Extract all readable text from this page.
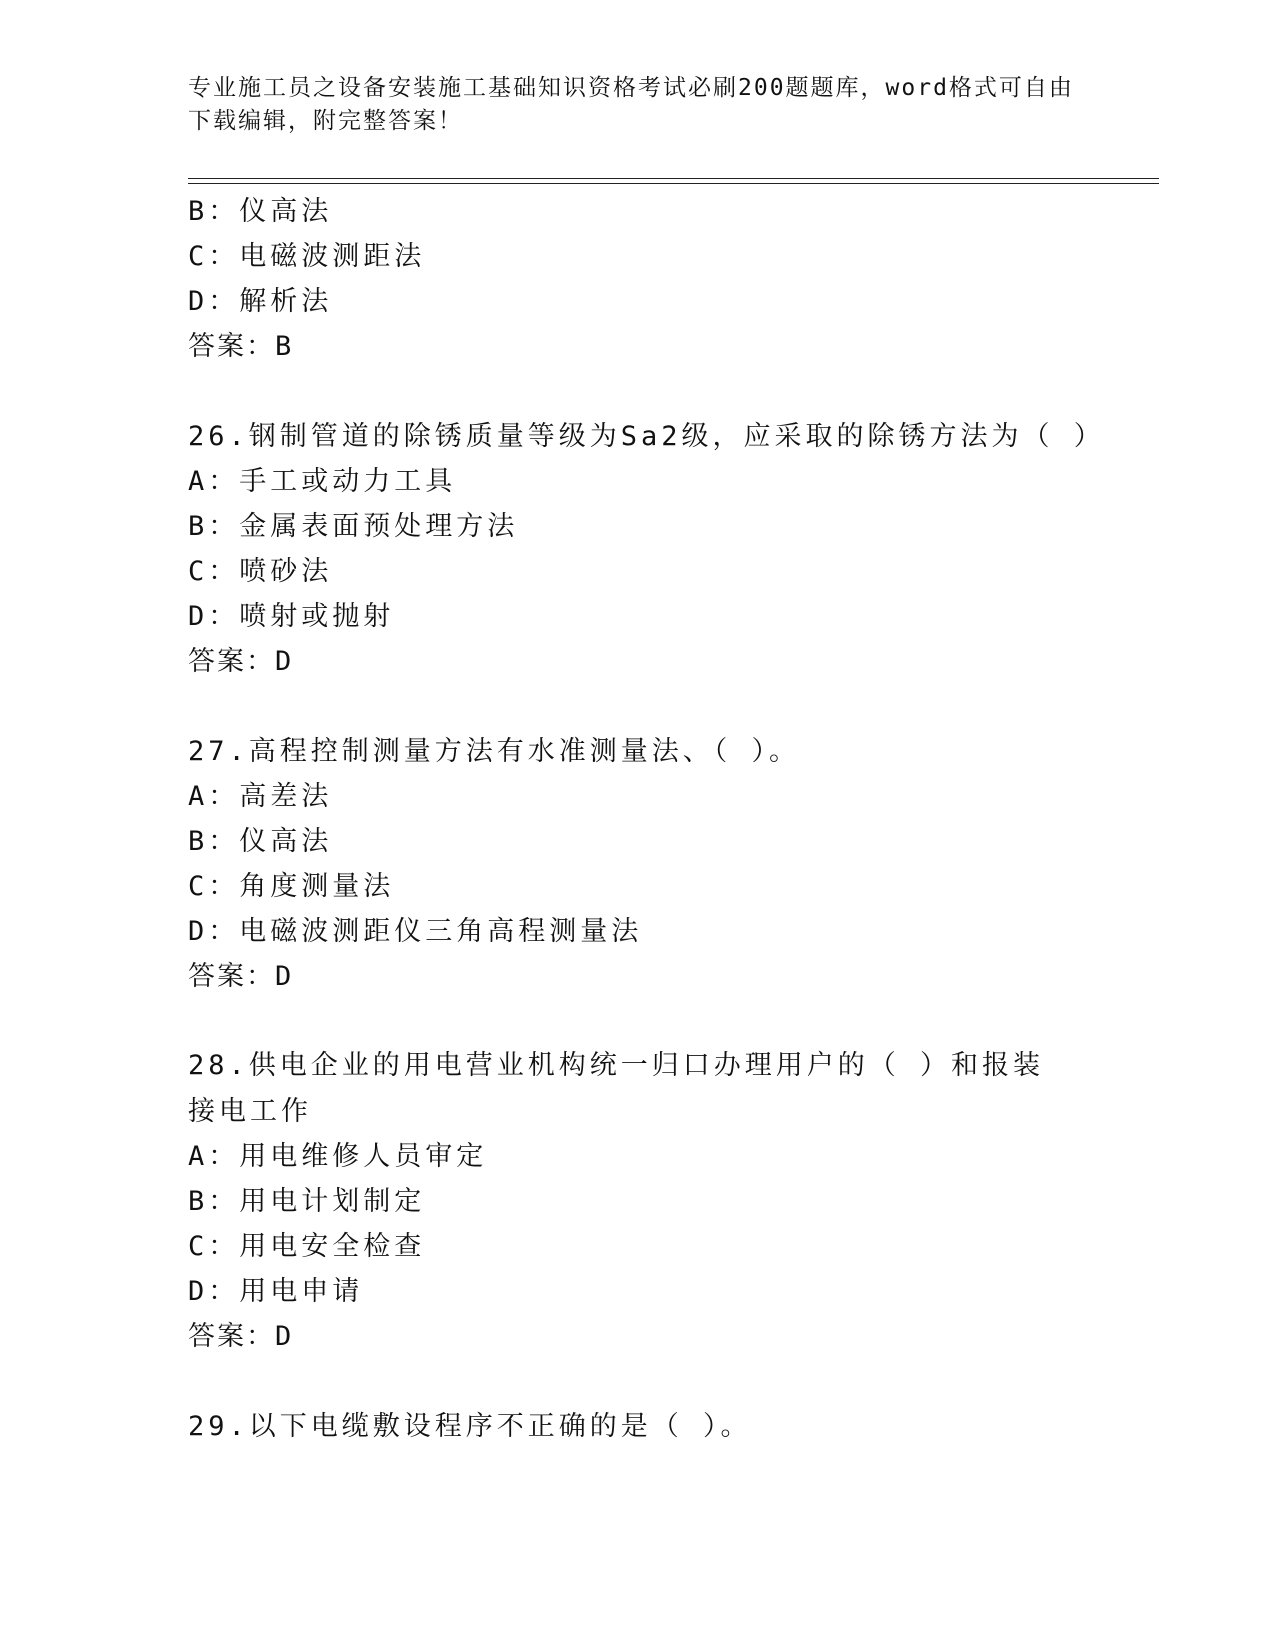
专业施工员之设备安装施工基础知识资格考试必刷200题题库，word格式可自由下载编辑，附完整答案！
B：仪高法
C：电磁波测距法
D：解析法
答案：B
26.钢制管道的除锈质量等级为Sa2级，应采取的除锈方法为（ ）
A：手工或动力工具
B：金属表面预处理方法
C：喷砂法
D：喷射或抛射
答案：D
27.高程控制测量方法有水准测量法、（ ）。
A：高差法
B：仪高法
C：角度测量法
D：电磁波测距仪三角高程测量法
答案：D
28.供电企业的用电营业机构统一归口办理用户的（ ）和报装接电工作
A：用电维修人员审定
B：用电计划制定
C：用电安全检查
D：用电申请
答案：D
29.以下电缆敷设程序不正确的是（ ）。
